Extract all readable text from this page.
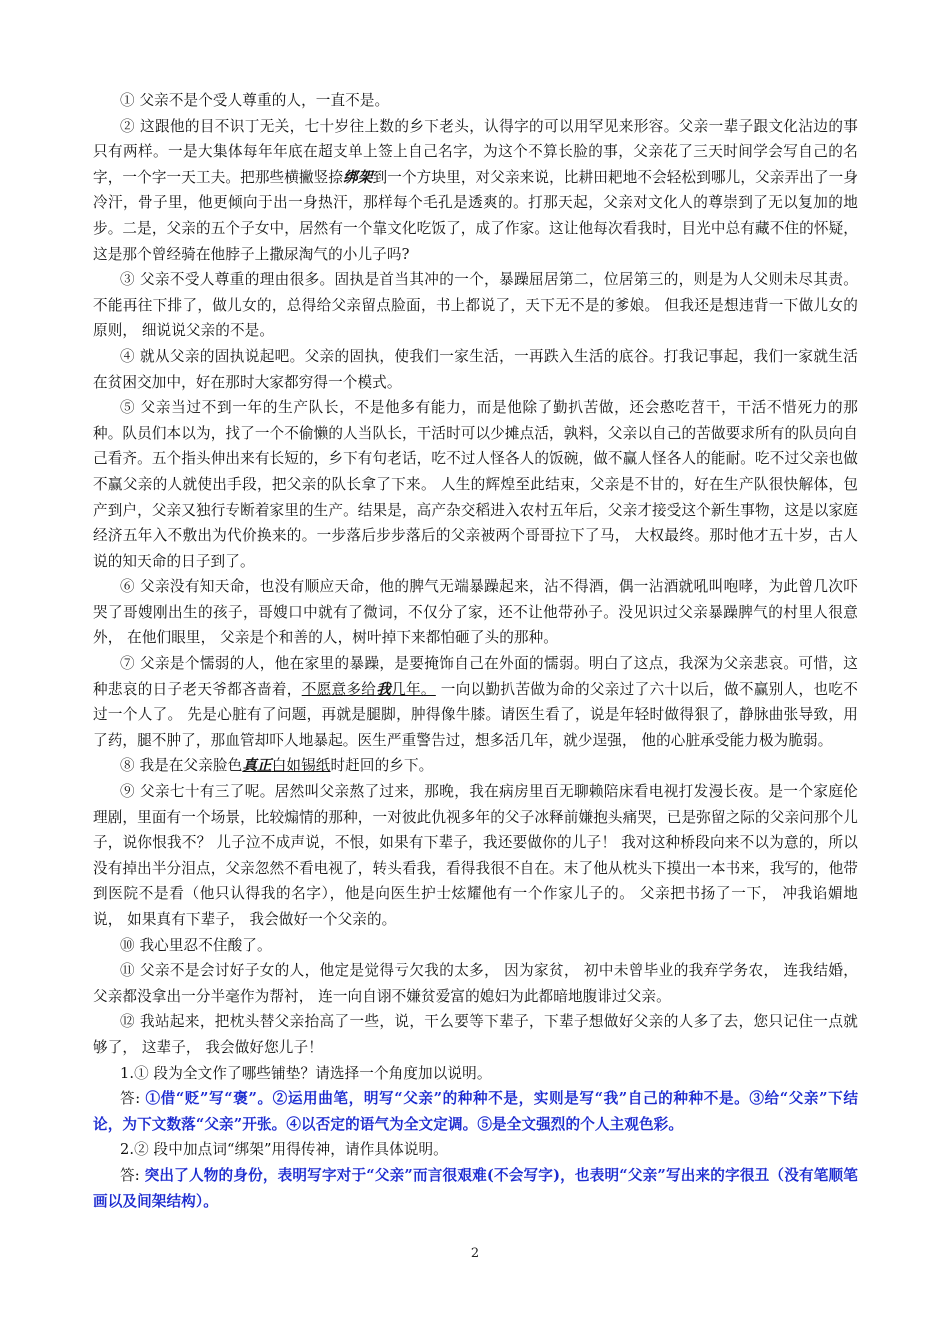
① 父亲不是个受人尊重的人，一直不是。

② 这跟他的目不识丁无关，七十岁往上数的乡下老头，认得字的可以用罕见来形容。父亲一辈子跟文化沾边的事只有两样。一是大集体每年年底在超支单上签上自己名字，为这个不算长脸的事，父亲花了三天时间学会写自己的名字，一个字一天工夫。把那些横撇竖捺绑架到一个方块里，对父亲来说，比耕田耙地不会轻松到哪儿，父亲弄出了一身冷汗，骨子里，他更倾向于出一身热汗，那样每个毛孔是透爽的。打那天起，父亲对文化人的尊崇到了无以复加的地步。二是，父亲的五个子女中，居然有一个靠文化吃饭了，成了作家。这让他每次看我时，目光中总有藏不住的怀疑，这是那个曾经骑在他脖子上撒尿淘气的小儿子吗?

③ 父亲不受人尊重的理由很多。固执是首当其冲的一个，暴躁屈居第二，位居第三的，则是为人父则未尽其责。不能再往下排了，做儿女的，总得给父亲留点脸面，书上都说了，天下无不是的爹娘。 但我还是想违背一下做儿女的原则， 细说说父亲的不是。

④ 就从父亲的固执说起吧。父亲的固执，使我们一家生活，一再跌入生活的底谷。打我记事起，我们一家就生活在贫困交加中，好在那时大家都穷得一个模式。

⑤ 父亲当过不到一年的生产队长，不是他多有能力，而是他除了勤扒苦做，还会憨吃苕干，干活不惜死力的那种。队员们本以为，找了一个不偷懒的人当队长，干活时可以少摊点活，孰料，父亲以自己的苦做要求所有的队员向自己看齐。五个指头伸出来有长短的，乡下有句老话，吃不过人怪各人的饭碗，做不赢人怪各人的能耐。吃不过父亲也做不赢父亲的人就使出手段，把父亲的队长拿了下来。 人生的辉煌至此结束，父亲是不甘的，好在生产队很快解体，包产到户，父亲又独行专断着家里的生产。结果是，高产杂交稻进入农村五年后，父亲才接受这个新生事物，这是以家庭经济五年入不敷出为代价换来的。一步落后步步落后的父亲被两个哥哥拉下了马， 大权最终。那时他才五十岁，古人说的知天命的日子到了。

⑥ 父亲没有知天命，也没有顺应天命，他的脾气无端暴躁起来，沾不得酒，偶一沾酒就吼叫咆哮，为此曾几次吓哭了哥嫂刚出生的孩子，哥嫂口中就有了微词，不仅分了家，还不让他带孙子。没见识过父亲暴躁脾气的村里人很意外， 在他们眼里， 父亲是个和善的人，树叶掉下来都怕砸了头的那种。

⑦ 父亲是个懦弱的人，他在家里的暴躁，是要掩饰自己在外面的懦弱。明白了这点，我深为父亲悲哀。可惜，这种悲哀的日子老天爷都吝啬着，不愿意多给我几年。 一向以勤扒苦做为命的父亲过了六十以后，做不赢别人，也吃不过一个人了。 先是心脏有了问题，再就是腿脚，肿得像牛膝。请医生看了，说是年轻时做得狠了，静脉曲张导致，用了药，腿不肿了，那血管却吓人地暴起。医生严重警告过，想多活几年，就少逞强， 他的心脏承受能力极为脆弱。

⑧ 我是在父亲脸色真正白如锡纸时赶回的乡下。

⑨ 父亲七十有三了呢。居然叫父亲熬了过来，那晚，我在病房里百无聊赖陪床看电视打发漫长夜。是一个家庭伦理剧，里面有一个场景，比较煽情的那种，一对彼此仇视多年的父子冰释前嫌抱头痛哭，已是弥留之际的父亲问那个儿子，说你恨我不？ 儿子泣不成声说，不恨，如果有下辈子，我还要做你的儿子！ 我对这种桥段向来不以为意的，所以没有掉出半分泪点，父亲忽然不看电视了，转头看我，看得我很不自在。末了他从枕头下摸出一本书来，我写的，他带到医院不是看（他只认得我的名字），他是向医生护士炫耀他有一个作家儿子的。 父亲把书扬了一下， 冲我谄媚地说， 如果真有下辈子， 我会做好一个父亲的。

⑩ 我心里忍不住酸了。

⑪ 父亲不是会讨好子女的人，他定是觉得亏欠我的太多， 因为家贫， 初中未曾毕业的我弃学务农， 连我结婚， 父亲都没拿出一分半毫作为帮衬， 连一向自诩不嫌贫爱富的媳妇为此都暗地腹诽过父亲。

⑫ 我站起来，把枕头替父亲抬高了一些，说，干么要等下辈子，下辈子想做好父亲的人多了去，您只记住一点就够了， 这辈子， 我会做好您儿子！

1.① 段为全文作了哪些铺垫？请选择一个角度加以说明。

答: ①借“贬”写“褒”。②运用曲笔，明写“父亲”的种种不是，实则是写“我”自己的种种不是。③给“父亲”下结论，为下文数落“父亲”开张。④以否定的语气为全文定调。⑤是全文强烈的个人主观色彩。

2.② 段中加点词“绑架”用得传神，请作具体说明。

答: 突出了人物的身份，表明写字对于“父亲”而言很艰难(不会写字)，也表明“父亲”写出来的字很丑（没有笔顺笔画以及间架结构）。

2
